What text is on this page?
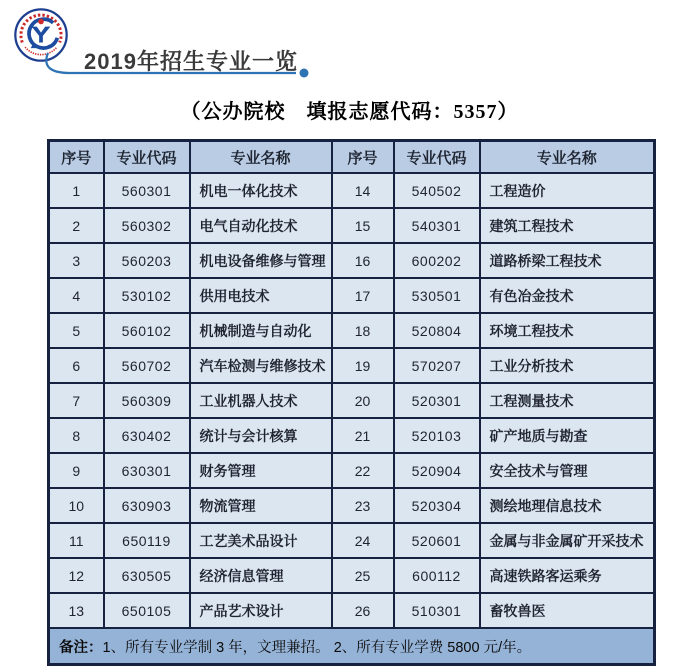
2019年招生专业一览
（公办院校　填报志愿代码：5357）
序号	专业代码	专业名称	序号	专业代码	专业名称
1	560301	机电一体化技术	14	540502	工程造价
2	560302	电气自动化技术	15	540301	建筑工程技术
3	560203	机电设备维修与管理	16	600202	道路桥梁工程技术
4	530102	供用电技术	17	530501	有色冶金技术
5	560102	机械制造与自动化	18	520804	环境工程技术
6	560702	汽车检测与维修技术	19	570207	工业分析技术
7	560309	工业机器人技术	20	520301	工程测量技术
8	630402	统计与会计核算	21	520103	矿产地质与勘查
9	630301	财务管理	22	520904	安全技术与管理
10	630903	物流管理	23	520304	测绘地理信息技术
11	650119	工艺美术品设计	24	520601	金属与非金属矿开采技术
12	630505	经济信息管理	25	600112	高速铁路客运乘务
13	650105	产品艺术设计	26	510301	畜牧兽医
备注：1、所有专业学制 3 年，文理兼招。 2、所有专业学费 5800 元/年。					
